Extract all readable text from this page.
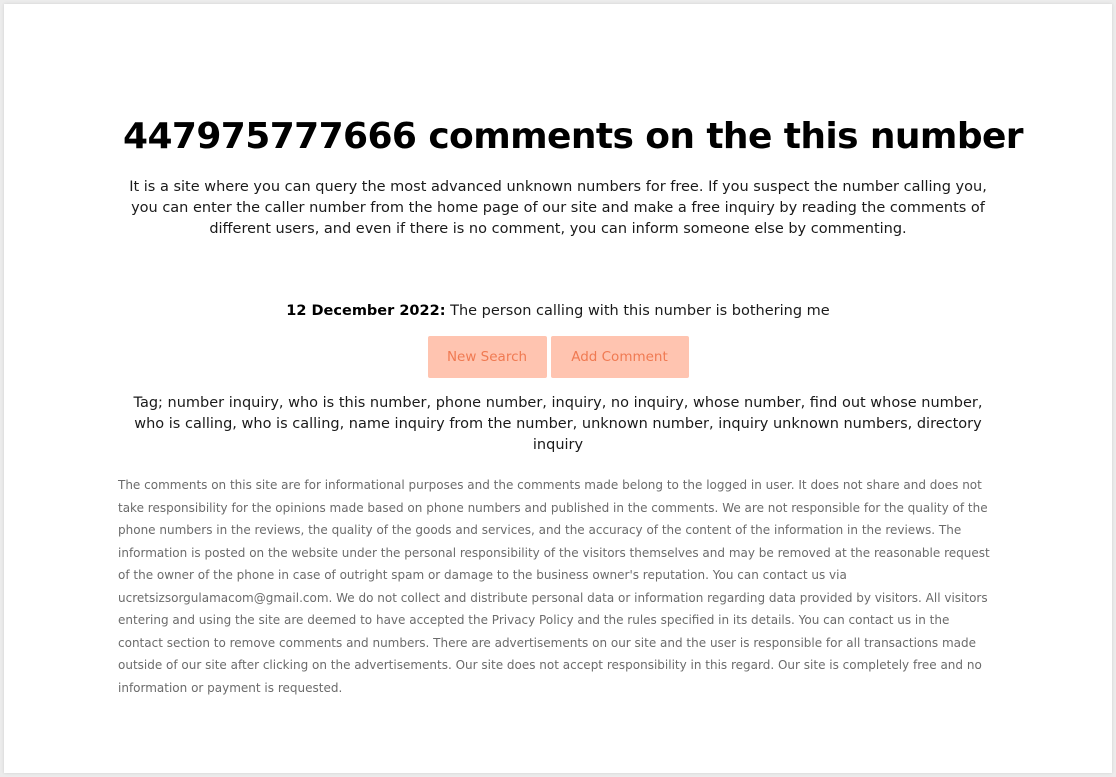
447975777666 comments on the this number

It is a site where you can query the most advanced unknown numbers for free. If you suspect the number calling you, you can enter the caller number from the home page of our site and make a free inquiry by reading the comments of different users, and even if there is no comment, you can inform someone else by commenting.

12 December 2022: The person calling with this number is bothering me

New Search	Add Comment

Tag; number inquiry, who is this number, phone number, inquiry, no inquiry, whose number, find out whose number, who is calling, who is calling, name inquiry from the number, unknown number, inquiry unknown numbers, directory inquiry

The comments on this site are for informational purposes and the comments made belong to the logged in user. It does not share and does not take responsibility for the opinions made based on phone numbers and published in the comments. We are not responsible for the quality of the phone numbers in the reviews, the quality of the goods and services, and the accuracy of the content of the information in the reviews. The information is posted on the website under the personal responsibility of the visitors themselves and may be removed at the reasonable request of the owner of the phone in case of outright spam or damage to the business owner's reputation. You can contact us via ucretsizsorgulamacom@gmail.com. We do not collect and distribute personal data or information regarding data provided by visitors. All visitors entering and using the site are deemed to have accepted the Privacy Policy and the rules specified in its details. You can contact us in the contact section to remove comments and numbers. There are advertisements on our site and the user is responsible for all transactions made outside of our site after clicking on the advertisements. Our site does not accept responsibility in this regard. Our site is completely free and no information or payment is requested.
